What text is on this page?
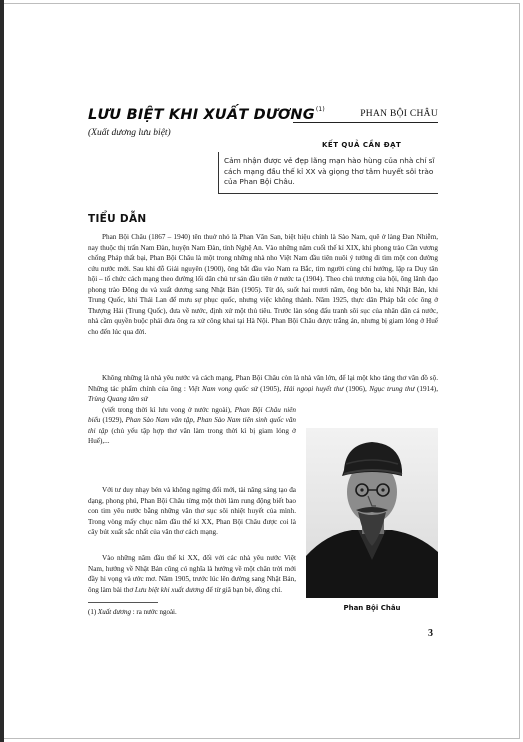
LƯU BIỆT KHI XUẤT DƯƠNG$^{(1)}$	PHAN BỘI CHÂU
(Xuất dương lưu biệt)
KẾT QUẢ CẦN ĐẠT
Cảm nhận được vẻ đẹp lãng mạn hào hùng của nhà chí sĩ cách mạng đầu thế kỉ XX và giọng thơ tâm huyết sôi trào của Phan Bội Châu.
TIỂU DẪN

Phan Bội Châu (1867 – 1940) tên thuở nhỏ là Phan Văn San, biệt hiệu chính là Sào Nam, quê ở làng Đan Nhiễm, nay thuộc thị trấn Nam Đàn, huyện Nam Đàn, tỉnh Nghệ An. Vào những năm cuối thế kỉ XIX, khi phong trào Cần vương chống Pháp thất bại, Phan Bội Châu là một trong những nhà nho Việt Nam đầu tiên nuôi ý tưởng đi tìm một con đường cứu nước mới. Sau khi đỗ Giải nguyên (1900), ông bắt đầu vào Nam ra Bắc, tìm người cùng chí hướng, lập ra Duy tân hội – tổ chức cách mạng theo đường lối dân chủ tư sản đầu tiên ở nước ta (1904). Theo chủ trương của hội, ông lãnh đạo phong trào Đông du và xuất dương sang Nhật Bản (1905). Từ đó, suốt hai mươi năm, ông bôn ba, khi Nhật Bản, khi Trung Quốc, khi Thái Lan để mưu sự phục quốc, nhưng việc không thành. Năm 1925, thực dân Pháp bắt cóc ông ở Thượng Hải (Trung Quốc), đưa về nước, định xử một thủ tiêu. Trước làn sóng đấu tranh sôi sục của nhân dân cả nước, nhà cầm quyền buộc phải đưa ông ra xử công khai tại Hà Nội. Phan Bội Châu được trắng án, nhưng bị giam lỏng ở Huế cho đến lúc qua đời.

Không những là nhà yêu nước và cách mạng, Phan Bội Châu còn là nhà văn lớn, để lại một kho tàng thơ văn đồ sộ. Những tác phẩm chính của ông : Việt Nam vong quốc sử (1905), Hải ngoại huyết thư (1906), Ngục trung thư (1914), Trùng Quang tâm sử
(viết trong thời kì lưu vong ở nước ngoài), Phan Bội Châu niên biểu (1929), Phan Sào Nam văn tập, Phan Sào Nam tiên sinh quốc văn thi tập (chủ yếu tập hợp thơ văn làm trong thời kì bị giam lỏng ở Huế),...

Với tư duy nhạy bén và không ngừng đổi mới, tài năng sáng tạo đa dạng, phong phú, Phan Bội Châu từng một thời làm rung động biết bao con tim yêu nước bằng những văn thơ sục sôi nhiệt huyết của mình. Trong vòng mấy chục năm đầu thế kỉ XX, Phan Bội Châu được coi là cây bút xuất sắc nhất của văn thơ cách mạng.

Vào những năm đầu thế kỉ XX, đối với các nhà yêu nước Việt Nam, hướng về Nhật Bản cũng có nghĩa là hướng về một chân trời mới đầy hi vọng và ước mơ. Năm 1905, trước lúc lên đường sang Nhật Bản, ông làm bài thơ Lưu biệt khi xuất dương để từ giã bạn bè, đồng chí.

Phan Bội Châu
(1) Xuất dương : ra nước ngoài.
3
